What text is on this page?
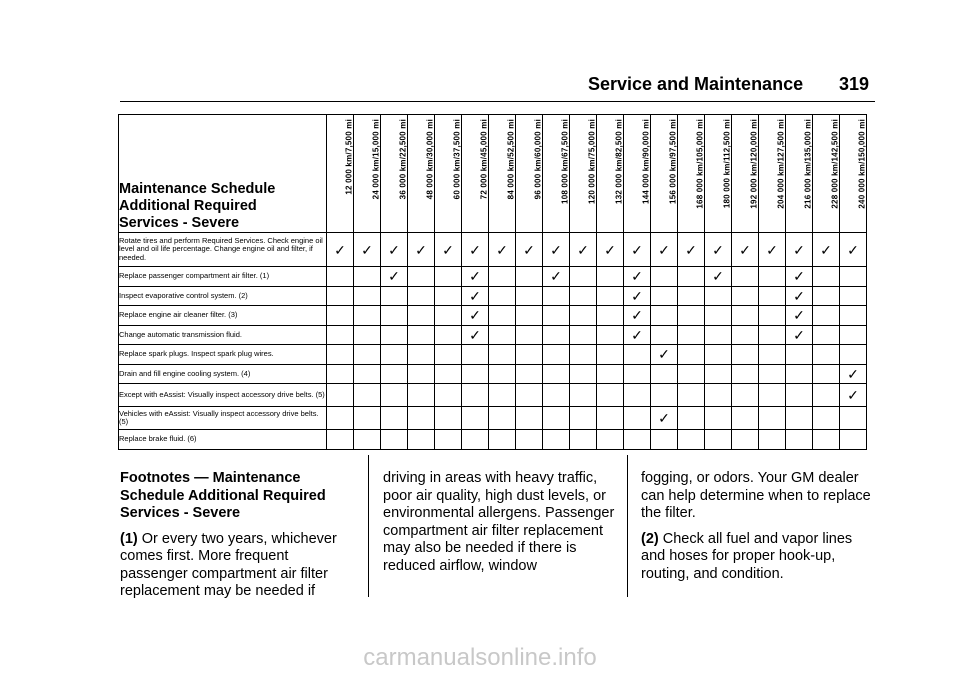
Service and Maintenance 319
Maintenance Schedule
Additional Required
Services - Severe	12 000 km/7,500 mi	24 000 km/15,000 mi	36 000 km/22,500 mi	48 000 km/30,000 mi	60 000 km/37,500 mi	72 000 km/45,000 mi	84 000 km/52,500 mi	96 000 km/60,000 mi	108 000 km/67,500 mi	120 000 km/75,000 mi	132 000 km/82,500 mi	144 000 km/90,000 mi	156 000 km/97,500 mi	168 000 km/105,000 mi	180 000 km/112,500 mi	192 000 km/120,000 mi	204 000 km/127,500 mi	216 000 km/135,000 mi	228 000 km/142,500 mi	240 000 km/150,000 mi

Rotate tires and perform Required Services. Check engine oil level and oil life percentage. Change engine oil and filter, if needed.	✓	✓	✓	✓	✓	✓	✓	✓	✓	✓	✓	✓	✓	✓	✓	✓	✓	✓	✓	✓
Replace passenger compartment air filter. (1)			✓			✓			✓			✓			✓			✓		
Inspect evaporative control system. (2)						✓						✓						✓		
Replace engine air cleaner filter. (3)						✓						✓						✓		
Change automatic transmission fluid.						✓						✓						✓		
Replace spark plugs. Inspect spark plug wires.													✓							
Drain and fill engine cooling system. (4)																				✓
Except with eAssist: Visually inspect accessory drive belts. (5)																				✓
Vehicles with eAssist: Visually inspect accessory drive belts. (5)													✓							
Replace brake fluid. (6)																				
Footnotes — Maintenance Schedule Additional Required Services - Severe

(1) Or every two years, whichever comes first. More frequent passenger compartment air filter replacement may be needed if

driving in areas with heavy traffic, poor air quality, high dust levels, or environmental allergens. Passenger compartment air filter replacement may also be needed if there is reduced airflow, window

fogging, or odors. Your GM dealer can help determine when to replace the filter.

(2) Check all fuel and vapor lines and hoses for proper hook-up, routing, and condition.

carmanualsonline.info
